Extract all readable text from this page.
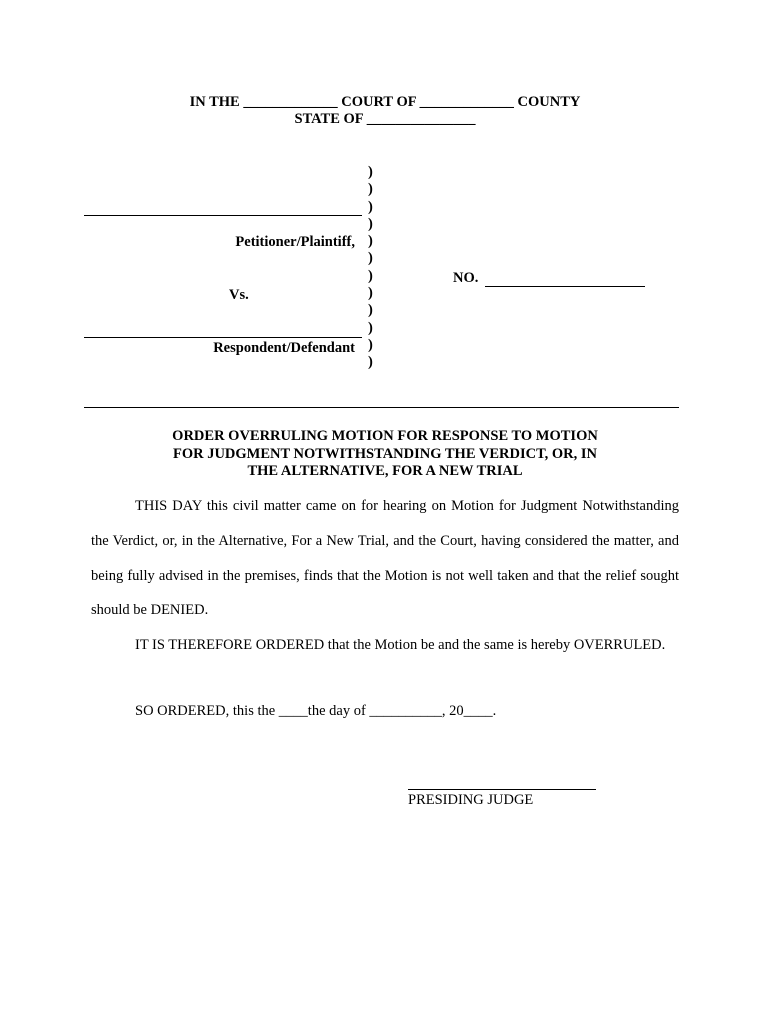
IN THE _____________ COURT OF _____________ COUNTY
STATE OF _______________
)
)
)
)
)
)
)
)
)
)
)
)
Petitioner/Plaintiff,
Vs.
Respondent/Defendant
NO.
ORDER OVERRULING MOTION FOR RESPONSE TO MOTION
FOR JUDGMENT NOTWITHSTANDING THE VERDICT, OR, IN
THE ALTERNATIVE, FOR A NEW TRIAL
THIS DAY this civil matter came on for hearing on Motion for Judgment Notwithstanding the Verdict, or, in the Alternative, For a New Trial, and the Court, having considered the matter, and being fully advised in the premises, finds that the Motion is not well taken and that the relief sought should be DENIED.
IT IS THEREFORE ORDERED that the Motion be and the same is hereby OVERRULED.
SO ORDERED, this the ____the day of __________, 20____.
PRESIDING JUDGE
